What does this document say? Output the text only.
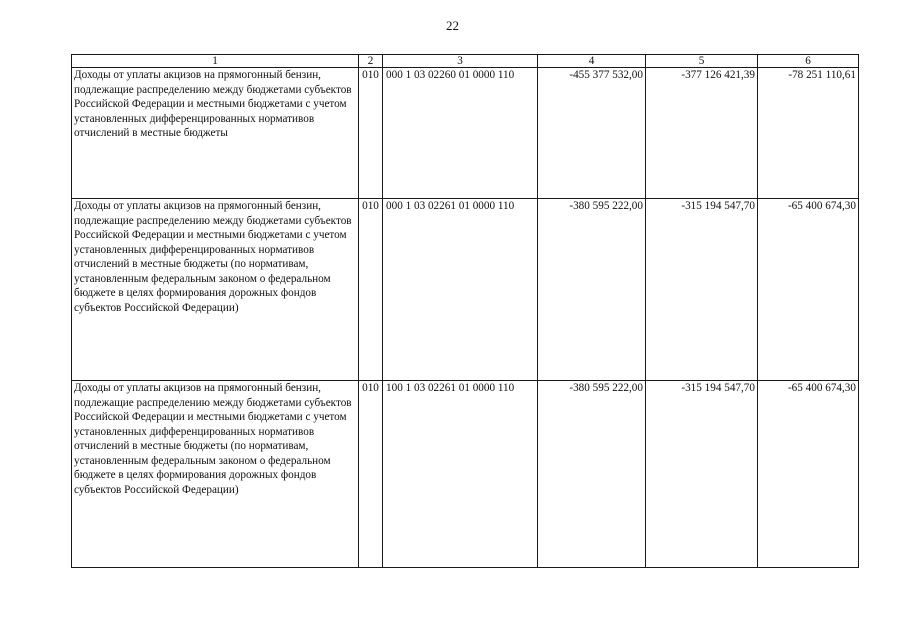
22
1	2	3	4	5	6

Доходы от уплаты акцизов на прямогонный бензин, подлежащие распределению между бюджетами субъектов Российской Федерации и местными бюджетами с учетом установленных дифференцированных нормативов отчислений в местные бюджеты	010	000 1 03 02260 01 0000 110	-455 377 532,00	-377 126 421,39	-78 251 110,61

Доходы от уплаты акцизов на прямогонный бензин, подлежащие распределению между бюджетами субъектов Российской Федерации и местными бюджетами с учетом установленных дифференцированных нормативов отчислений в местные бюджеты (по нормативам, установленным федеральным законом о федеральном бюджете в целях формирования дорожных фондов субъектов Российской Федерации)	010	000 1 03 02261 01 0000 110	-380 595 222,00	-315 194 547,70	-65 400 674,30

Доходы от уплаты акцизов на прямогонный бензин, подлежащие распределению между бюджетами субъектов Российской Федерации и местными бюджетами с учетом установленных дифференцированных нормативов отчислений в местные бюджеты (по нормативам, установленным федеральным законом о федеральном бюджете в целях формирования дорожных фондов субъектов Российской Федерации)	010	100 1 03 02261 01 0000 110	-380 595 222,00	-315 194 547,70	-65 400 674,30
